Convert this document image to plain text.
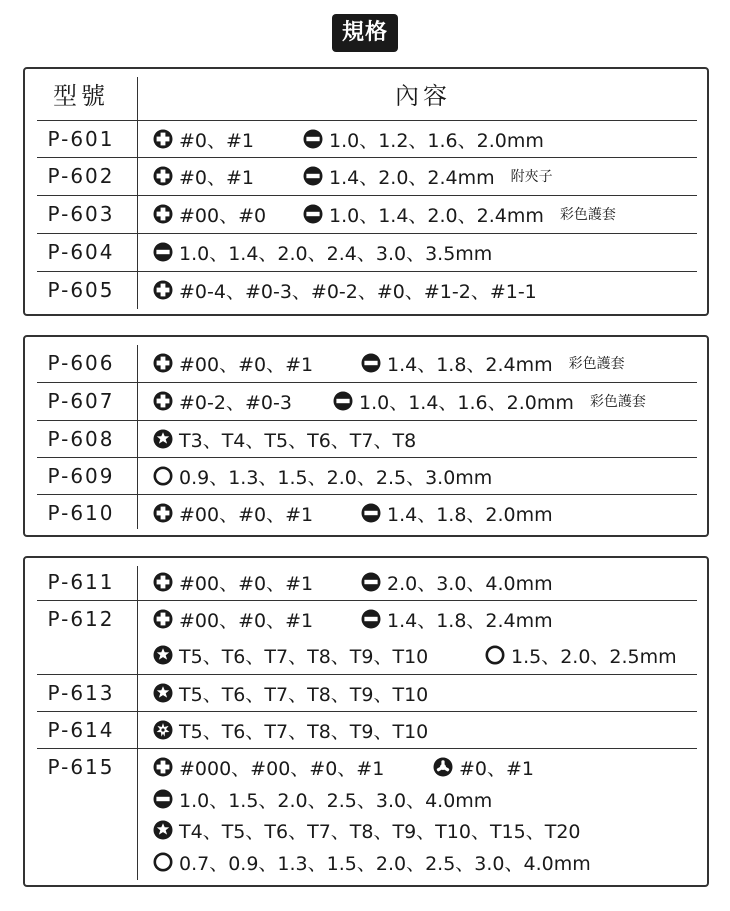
規格
型號	內容
P-601	#0、#1	1.0、1.2、1.6、2.0mm
P-602	#0、#1	1.4、2.0、2.4mm 附夾子
P-603	#00、#0	1.0、1.4、2.0、2.4mm 彩色護套
P-604	1.0、1.4、2.0、2.4、3.0、3.5mm
P-605	#0-4、#0-3、#0-2、#0、#1-2、#1-1
P-606	#00、#0、#1	1.4、1.8、2.4mm 彩色護套
P-607	#0-2、#0-3	1.0、1.4、1.6、2.0mm 彩色護套
P-608	T3、T4、T5、T6、T7、T8
P-609	0.9、1.3、1.5、2.0、2.5、3.0mm
P-610	#00、#0、#1	1.4、1.8、2.0mm
P-611	#00、#0、#1	2.0、3.0、4.0mm
P-612	#00、#0、#1	1.4、1.8、2.4mm
T5、T6、T7、T8、T9、T10	1.5、2.0、2.5mm
P-613	T5、T6、T7、T8、T9、T10
P-614	T5、T6、T7、T8、T9、T10
P-615	#000、#00、#0、#1	#0、#1
1.0、1.5、2.0、2.5、3.0、4.0mm
T4、T5、T6、T7、T8、T9、T10、T15、T20
0.7、0.9、1.3、1.5、2.0、2.5、3.0、4.0mm
